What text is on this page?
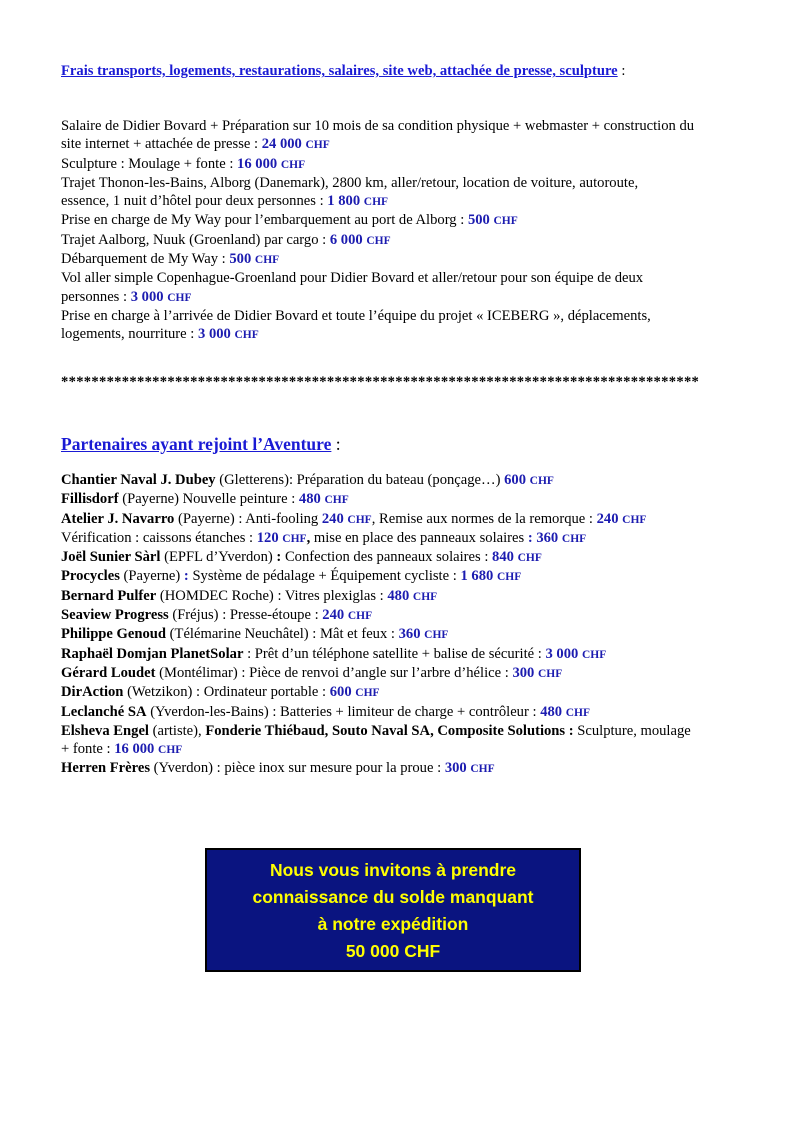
Frais transports, logements, restaurations, salaires, site web, attachée de presse, sculpture :
Salaire de Didier Bovard + Préparation sur 10 mois de sa condition physique + webmaster + construction du
site internet + attachée de presse : 24 000 CHF
Sculpture : Moulage + fonte : 16 000 CHF
Trajet Thonon-les-Bains, Alborg (Danemark), 2800 km, aller/retour, location de voiture, autoroute,
essence, 1 nuit d’hôtel pour deux personnes : 1 800 CHF
Prise en charge de My Way pour l’embarquement au port de Alborg : 500 CHF
Trajet Aalborg, Nuuk (Groenland) par cargo : 6 000 CHF
Débarquement de My Way : 500 CHF
Vol aller simple Copenhague-Groenland pour Didier Bovard et aller/retour pour son équipe de deux
personnes : 3 000 CHF
Prise en charge à l’arrivée de Didier Bovard et toute l’équipe du projet « ICEBERG », déplacements,
logements, nourriture : 3 000 CHF
************************************************************************************
Partenaires ayant rejoint l’Aventure :
Chantier Naval J. Dubey (Gletterens): Préparation du bateau (ponçage…) 600 CHF
Fillisdorf (Payerne) Nouvelle peinture : 480 CHF
Atelier J. Navarro (Payerne) : Anti-fooling 240 CHF, Remise aux normes de la remorque : 240 CHF
Vérification : caissons étanches : 120 CHF, mise en place des panneaux solaires : 360 CHF
Joël Sunier Sàrl (EPFL d’Yverdon) : Confection des panneaux solaires : 840 CHF
Procycles (Payerne) : Système de pédalage + Équipement cycliste : 1 680 CHF
Bernard Pulfer (HOMDEC Roche) : Vitres plexiglas : 480 CHF
Seaview Progress (Fréjus) : Presse-étoupe : 240 CHF
Philippe Genoud (Télémarine Neuchâtel) : Mât et feux : 360 CHF
Raphaël Domjan PlanetSolar : Prêt d’un téléphone satellite + balise de sécurité : 3 000 CHF
Gérard Loudet (Montélimar) : Pièce de renvoi d’angle sur l’arbre d’hélice : 300 CHF
DirAction (Wetzikon) : Ordinateur portable : 600 CHF
Leclanché SA (Yverdon-les-Bains) : Batteries + limiteur de charge + contrôleur : 480 CHF
Elsheva Engel (artiste), Fonderie Thiébaud, Souto Naval SA, Composite Solutions : Sculpture, moulage
+ fonte : 16 000 CHF
Herren Frères (Yverdon) : pièce inox sur mesure pour la proue : 300 CHF
Nous vous invitons à prendre
connaissance du solde manquant
à notre expédition
50 000 CHF
